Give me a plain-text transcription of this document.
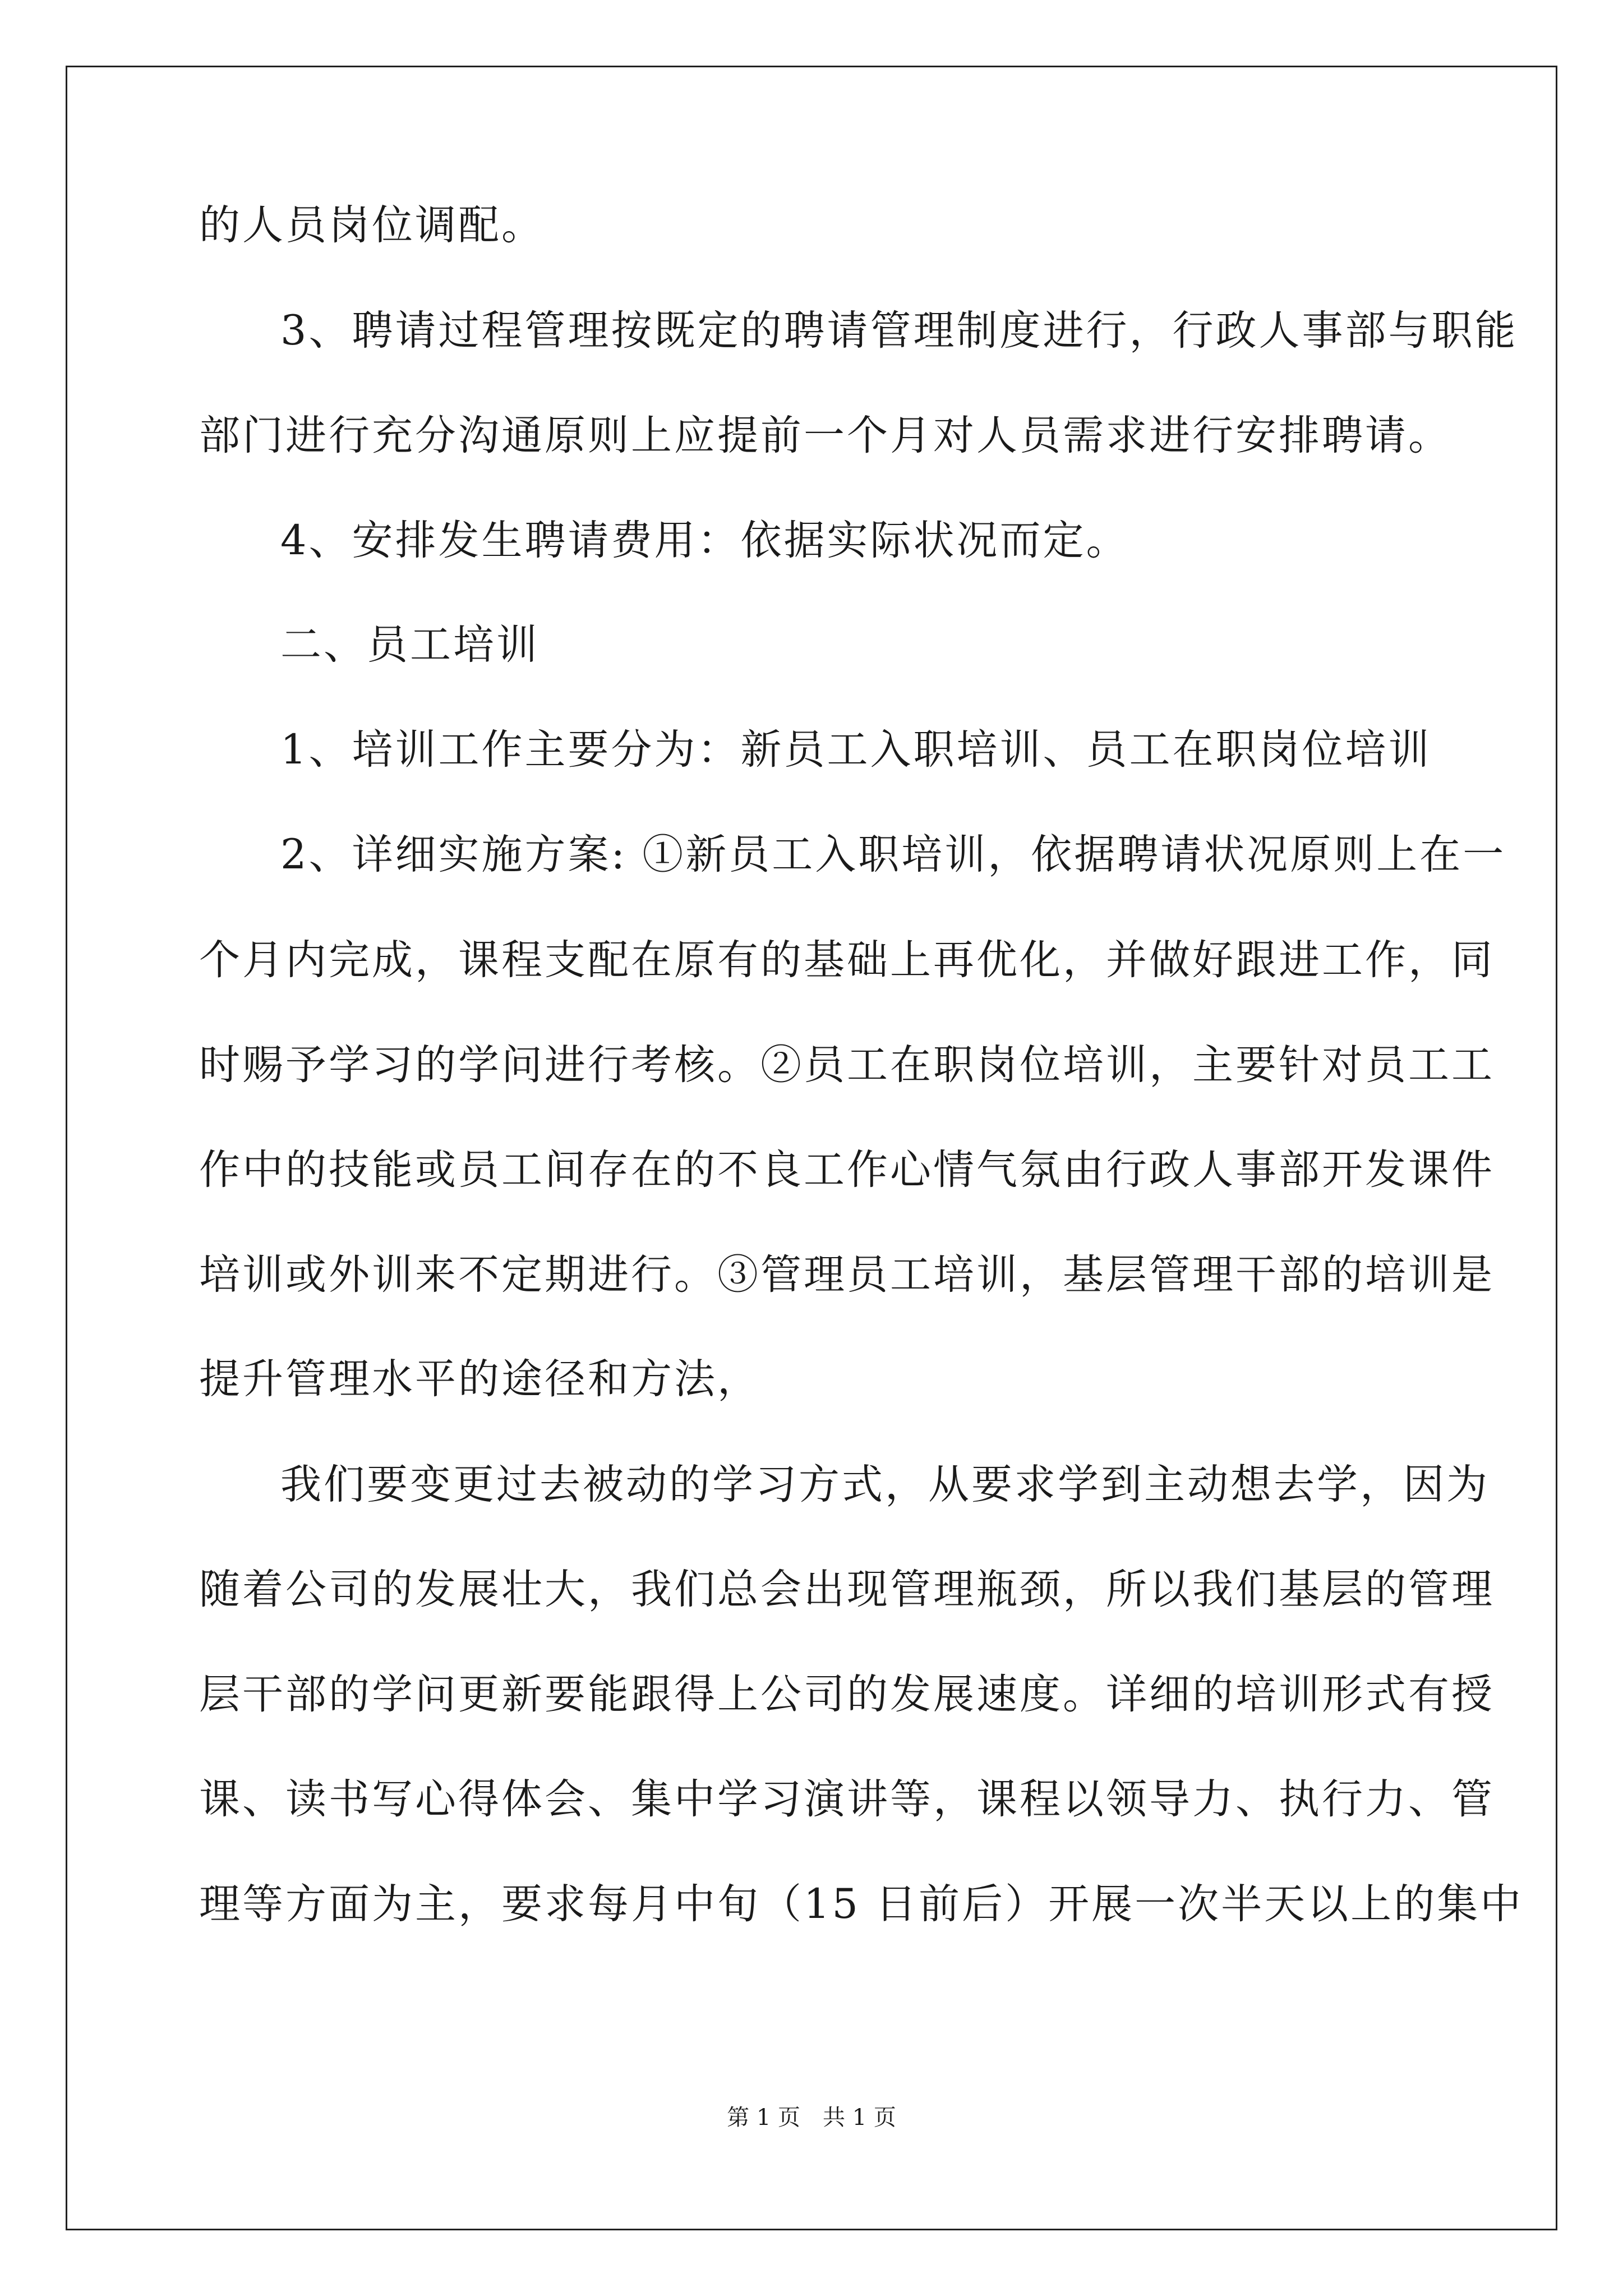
的人员岗位调配。
3、聘请过程管理按既定的聘请管理制度进行，行政人事部与职能
部门进行充分沟通原则上应提前一个月对人员需求进行安排聘请。
4、安排发生聘请费用：依据实际状况而定。
二、员工培训
1、培训工作主要分为：新员工入职培训、员工在职岗位培训
2、详细实施方案: ①新员工入职培训，依据聘请状况原则上在一
个月内完成，课程支配在原有的基础上再优化，并做好跟进工作，同
时赐予学习的学问进行考核。②员工在职岗位培训，主要针对员工工
作中的技能或员工间存在的不良工作心情气氛由行政人事部开发课件
培训或外训来不定期进行。③管理员工培训，基层管理干部的培训是
提升管理水平的途径和方法，
我们要变更过去被动的学习方式，从要求学到主动想去学，因为
随着公司的发展壮大，我们总会出现管理瓶颈，所以我们基层的管理
层干部的学问更新要能跟得上公司的发展速度。详细的培训形式有授
课、读书写心得体会、集中学习演讲等，课程以领导力、执行力、管
理等方面为主，要求每月中旬（15 日前后）开展一次半天以上的集中
第 1 页　共 1 页
